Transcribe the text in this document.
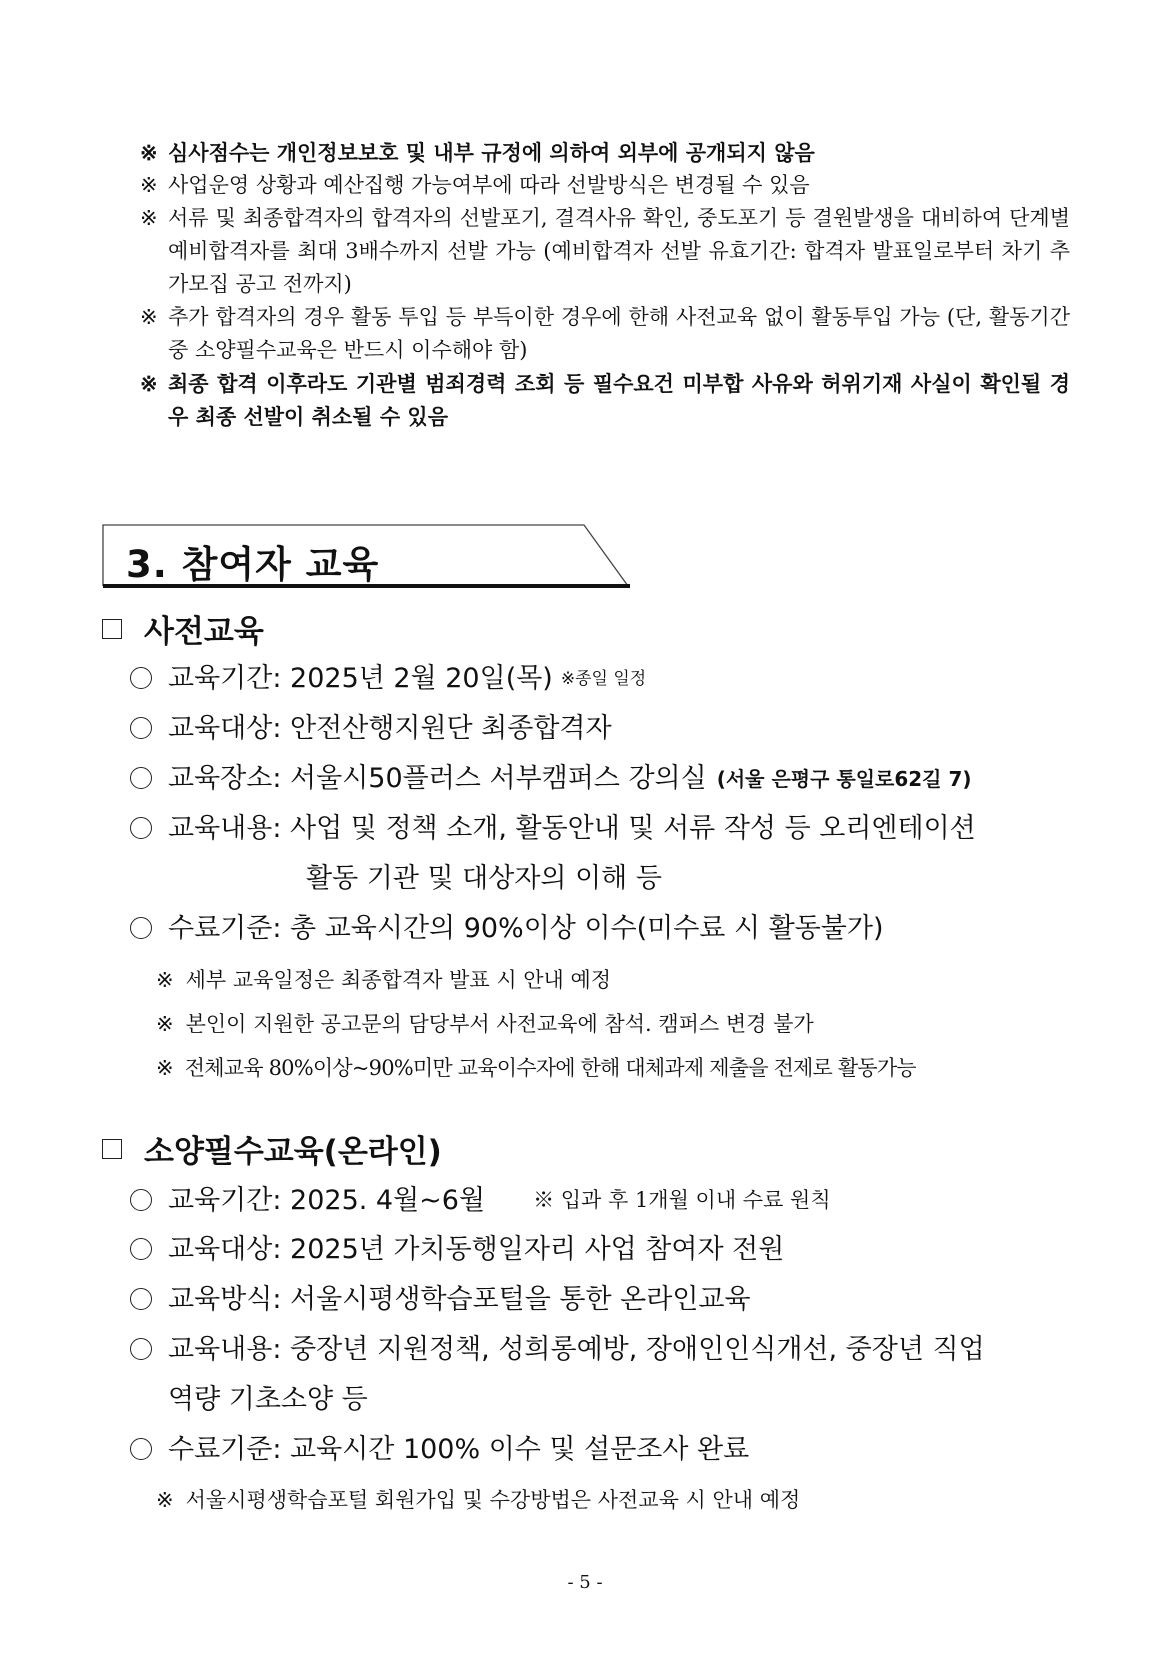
※ 심사점수는 개인정보보호 및 내부 규정에 의하여 외부에 공개되지 않음
※ 사업운영 상황과 예산집행 가능여부에 따라 선발방식은 변경될 수 있음
※ 서류 및 최종합격자의 합격자의 선발포기, 결격사유 확인, 중도포기 등 결원발생을 대비하여 단계별 예비합격자를 최대 3배수까지 선발 가능 (예비합격자 선발 유효기간: 합격자 발표일로부터 차기 추가모집 공고 전까지)
※ 추가 합격자의 경우 활동 투입 등 부득이한 경우에 한해 사전교육 없이 활동투입 가능 (단, 활동기간 중 소양필수교육은 반드시 이수해야 함)
※ 최종 합격 이후라도 기관별 범죄경력 조회 등 필수요건 미부합 사유와 허위기재 사실이 확인될 경우 최종 선발이 취소될 수 있음
3. 참여자 교육
사전교육
교육기간: 2025년 2월 20일(목) ※종일 일정
교육대상: 안전산행지원단 최종합격자
교육장소: 서울시50플러스 서부캠퍼스 강의실 (서울 은평구 통일로62길 7)
교육내용: 사업 및 정책 소개, 활동안내 및 서류 작성 등 오리엔테이션
활동 기관 및 대상자의 이해 등
수료기준: 총 교육시간의 90%이상 이수(미수료 시 활동불가)
※ 세부 교육일정은 최종합격자 발표 시 안내 예정
※ 본인이 지원한 공고문의 담당부서 사전교육에 참석. 캠퍼스 변경 불가
※ 전체교육 80%이상~90%미만 교육이수자에 한해 대체과제 제출을 전제로 활동가능
소양필수교육(온라인)
교육기간: 2025. 4월~6월 ※ 입과 후 1개월 이내 수료 원칙
교육대상: 2025년 가치동행일자리 사업 참여자 전원
교육방식: 서울시평생학습포털을 통한 온라인교육
교육내용: 중장년 지원정책, 성희롱예방, 장애인인식개선, 중장년 직업
역량 기초소양 등
수료기준: 교육시간 100% 이수 및 설문조사 완료
※ 서울시평생학습포털 회원가입 및 수강방법은 사전교육 시 안내 예정
- 5 -
